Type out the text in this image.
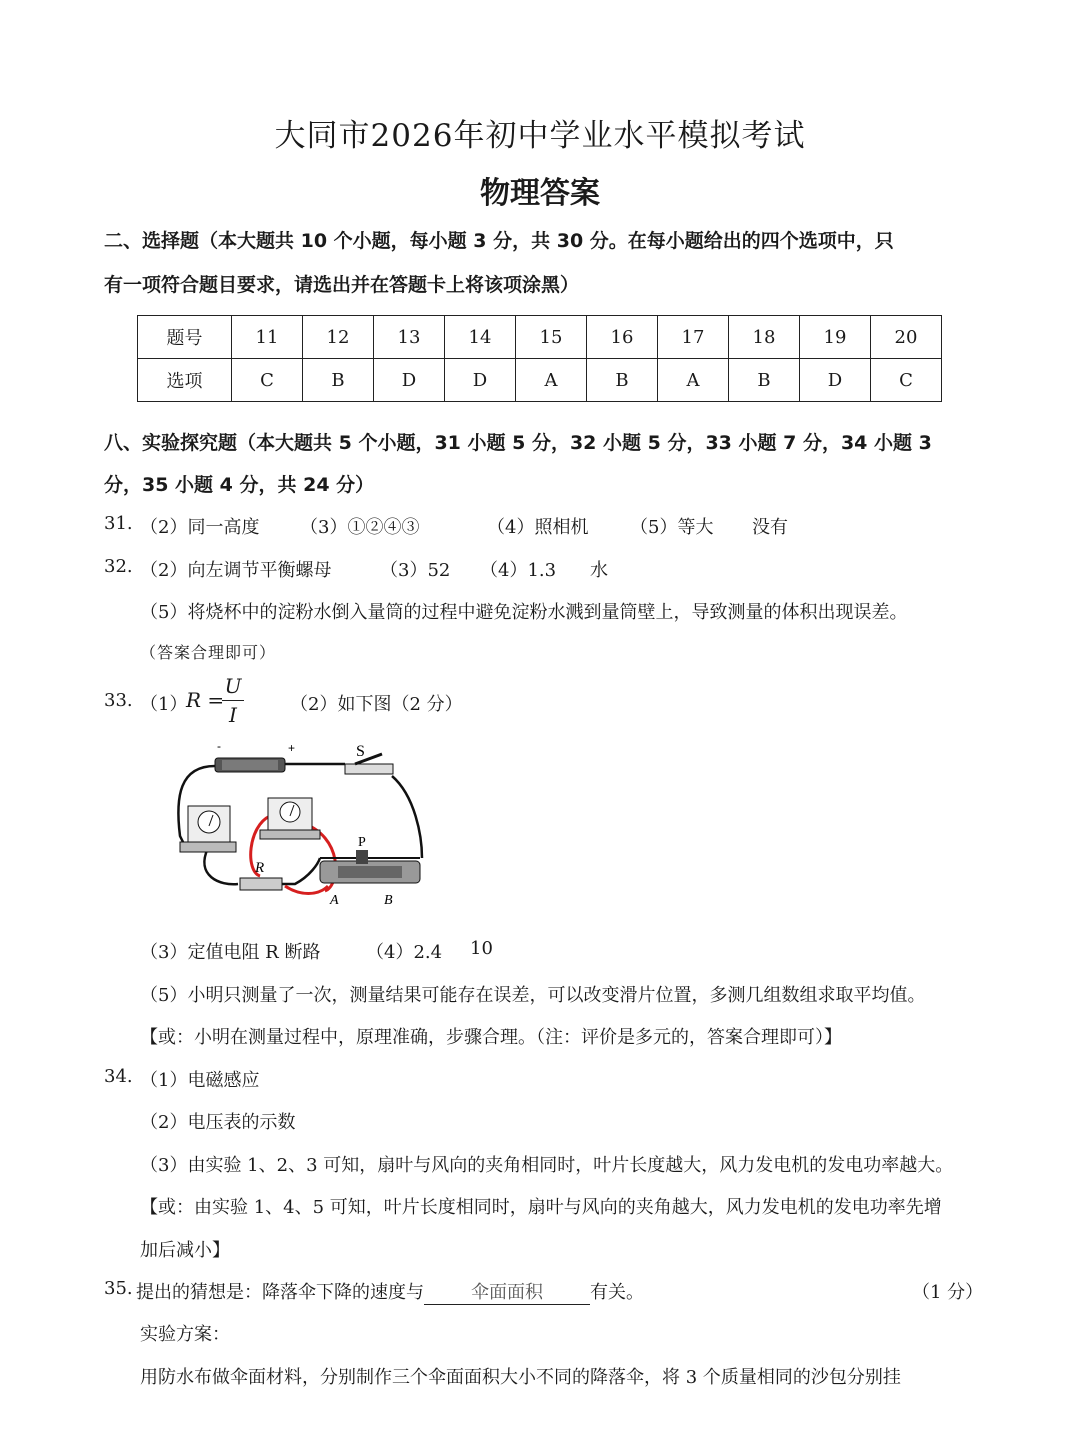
大同市2026年初中学业水平模拟考试
物理答案
二、选择题（本大题共 10 个小题，每小题 3 分，共 30 分。在每小题给出的四个选项中，只
有一项符合题目要求，请选出并在答题卡上将该项涂黑）
题号	11	12	13	14	15	16	17	18	19	20
选项	C	B	D	D	A	B	A	B	D	C
八、实验探究题（本大题共 5 个小题，31 小题 5 分，32 小题 5 分，33 小题 7 分，34 小题 3
分，35 小题 4 分，共 24 分）
31. （2）同一高度 （3）①②④③	（4）照相机 （5）等大 没有
32. （2）向左调节平衡螺母	（3）52 （4）1.3 水
（5）将烧杯中的淀粉水倒入量筒的过程中避免淀粉水溅到量筒壁上，导致测量的体积出现误差。
（答案合理即可）
33. （1）
R =
U
I	（2）如下图（2 分）
-	+	S
R
P
A	B
（3）定值电阻 R 断路	（4）2.4 10
（5）小明只测量了一次，测量结果可能存在误差，可以改变滑片位置，多测几组数组求取平均值。
【或：小明在测量过程中，原理准确，步骤合理。（注：评价是多元的，答案合理即可）】
34. （1）电磁感应
（2）电压表的示数
（3）由实验 1、2、3 可知，扇叶与风向的夹角相同时，叶片长度越大，风力发电机的发电功率越大。
【或：由实验 1、4、5 可知，叶片长度相同时，扇叶与风向的夹角越大，风力发电机的发电功率先增
加后减小】
35. 提出的猜想是：降落伞下降的速度与	伞面面积	有关。	（1 分）
实验方案：
用防水布做伞面材料，分别制作三个伞面面积大小不同的降落伞，将 3 个质量相同的沙包分别挂
